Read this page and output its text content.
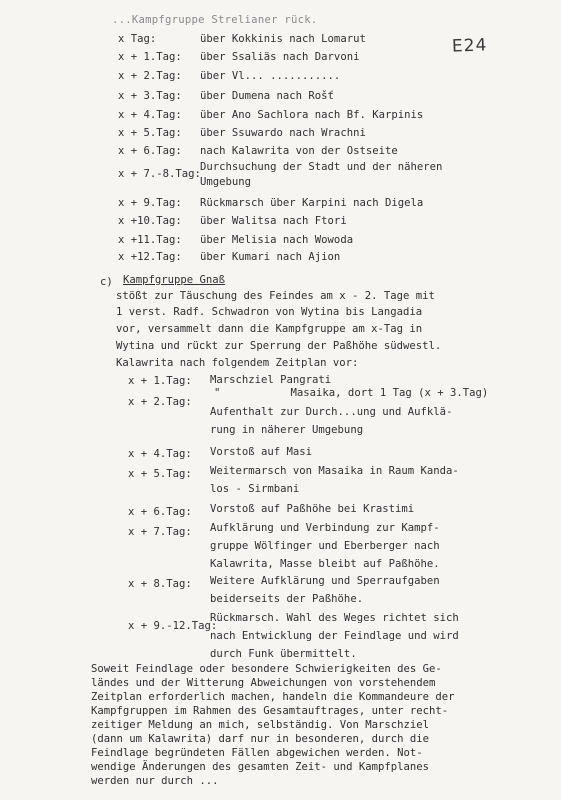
E24
...Kampfgruppe Strelianer rück.
x Tag:	über Kokkinis nach Lomarut
x + 1.Tag: über Ssaliäs nach Darvoni
x + 2.Tag: über Vl... ...........
x + 3.Tag: über Dumena nach Rošť
x + 4.Tag: über Ano Sachlora nach Bf. Karpinis
x + 5.Tag: über Ssuwardo nach Wrachni
x + 6.Tag: nach Kalawrita von der Ostseite
x + 7.-8.Tag:
Durchsuchung der Stadt und der näheren
Umgebung
x + 9.Tag: Rückmarsch über Karpini nach Digela
x +10.Tag: über Walitsa nach Ftori
x +11.Tag: über Melisia nach Wowoda
x +12.Tag: über Kumari nach Ajion
c) Kampfgruppe Gnaß
stößt zur Täuschung des Feindes am x - 2. Tage mit
1 verst. Radf. Schwadron von Wytina bis Langadia
vor, versammelt dann die Kampfgruppe am x-Tag in
Wytina und rückt zur Sperrung der Paßhöhe südwestl.
Kalawrita nach folgendem Zeitplan vor:
x + 1.Tag: Marschziel Pangrati
x + 2.Tag:
"           Masaika, dort 1 Tag (x + 3.Tag)
Aufenthalt zur Durch...ung und Aufklä-
rung in näherer Umgebung
x + 4.Tag: Vorstoß auf Masi
x + 5.Tag: Weitermarsch von Masaika in Raum Kanda-
los - Sirmbani
x + 6.Tag: Vorstoß auf Paßhöhe bei Krastimi
x + 7.Tag: Aufklärung und Verbindung zur Kampf-
gruppe Wölfinger und Eberberger nach
Kalawrita, Masse bleibt auf Paßhöhe.
x + 8.Tag: Weitere Aufklärung und Sperraufgaben
beiderseits der Paßhöhe.
x + 9.-12.Tag:
Rückmarsch. Wahl des Weges richtet sich
nach Entwicklung der Feindlage und wird
durch Funk übermittelt.
Soweit Feindlage oder besondere Schwierigkeiten des Ge-
ländes und der Witterung Abweichungen von vorstehendem
Zeitplan erforderlich machen, handeln die Kommandeure der
Kampfgruppen im Rahmen des Gesamtauftrages, unter recht-
zeitiger Meldung an mich, selbständig. Von Marschziel
(dann um Kalawrita) darf nur in besonderen, durch die
Feindlage begründeten Fällen abgewichen werden. Not-
wendige Änderungen des gesamten Zeit- und Kampfplanes
werden nur durch ...
